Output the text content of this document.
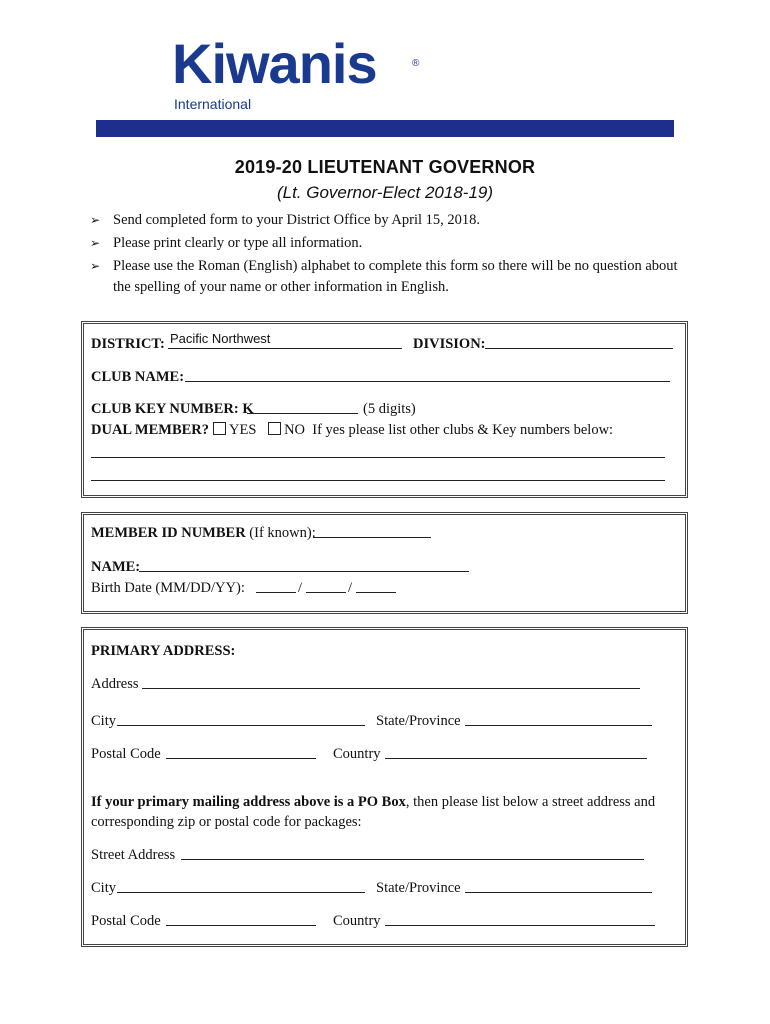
Kiwanis	®
International
2019-20 LIEUTENANT GOVERNOR
(Lt. Governor-Elect 2018-19)
➢ Send completed form to your District Office by April 15, 2018.
➢ Please print clearly or type all information.
➢ Please use the Roman (English) alphabet to complete this form so there will be no question about the spelling of your name or other information in English.
DISTRICT: Pacific Northwest	DIVISION:
CLUB NAME:
CLUB KEY NUMBER: K	(5 digits)
DUAL MEMBER? YES NO If yes please list other clubs & Key numbers below:
MEMBER ID NUMBER (If known):
NAME:
Birth Date (MM/DD/YY):	/	/
PRIMARY ADDRESS:
Address
City	State/Province
Postal Code	Country
If your primary mailing address above is a PO Box, then please list below a street address and
corresponding zip or postal code for packages:
Street Address
City	State/Province
Postal Code	Country
